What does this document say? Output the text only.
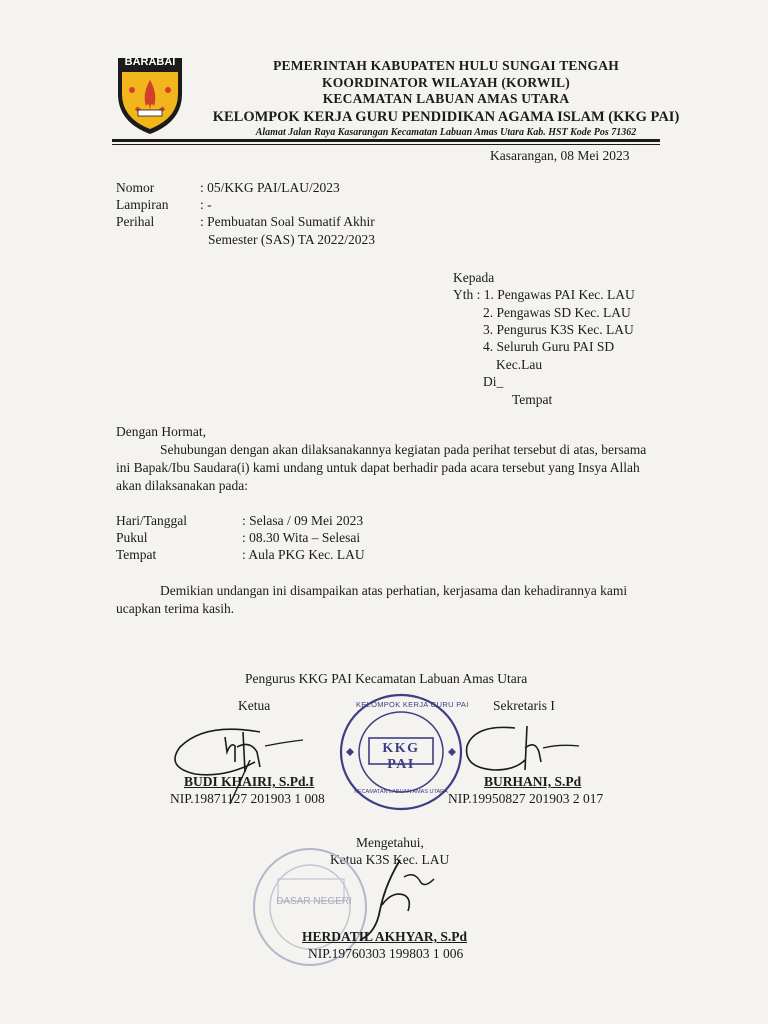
BARABAI	PEMERINTAH KABUPATEN HULU SUNGAI TENGAH
KOORDINATOR WILAYAH (KORWIL)
KECAMATAN LABUAN AMAS UTARA
KELOMPOK KERJA GURU PENDIDIKAN AGAMA ISLAM (KKG PAI)
Alamat Jalan Raya Kasarangan Kecamatan Labuan Amas Utara Kab. HST Kode Pos 71362
Kasarangan, 08 Mei 2023
Nomor	: 05/KKG PAI/LAU/2023
Lampiran : -
Perihal	: Pembuatan Soal Sumatif Akhir
Semester (SAS) TA 2022/2023
Kepada
Yth : 1. Pengawas PAI Kec. LAU
2. Pengawas SD Kec. LAU
3. Pengurus K3S Kec. LAU
4. Seluruh Guru PAI SD
Kec.Lau
Di_
Tempat
Dengan Hormat,
Sehubungan dengan akan dilaksanakannya kegiatan pada perihat tersebut di atas, bersama
ini Bapak/Ibu Saudara(i) kami undang untuk dapat berhadir pada acara tersebut yang Insya Allah
akan dilaksanakan pada:
Hari/Tanggal	: Selasa / 09 Mei 2023
Pukul	: 08.30 Wita – Selesai
Tempat	: Aula PKG Kec. LAU
Demikian undangan ini disampaikan atas perhatian, kerjasama dan kehadirannya kami
ucapkan terima kasih.
Pengurus KKG PAI Kecamatan Labuan Amas Utara
Ketua	Sekretaris I
KELOMPOK KERJA GURU PAI
KKG PAI
KECAMATAN LABUAN AMAS UTARA
BUDI KHAIRI, S.Pd.I
NIP.19871127 201903 1 008
BURHANI, S.Pd
NIP.19950827 201903 2 017
Mengetahui,
Ketua K3S Kec. LAU
DASAR NEGERI
HERDATIL AKHYAR, S.Pd
NIP.19760303 199803 1 006
